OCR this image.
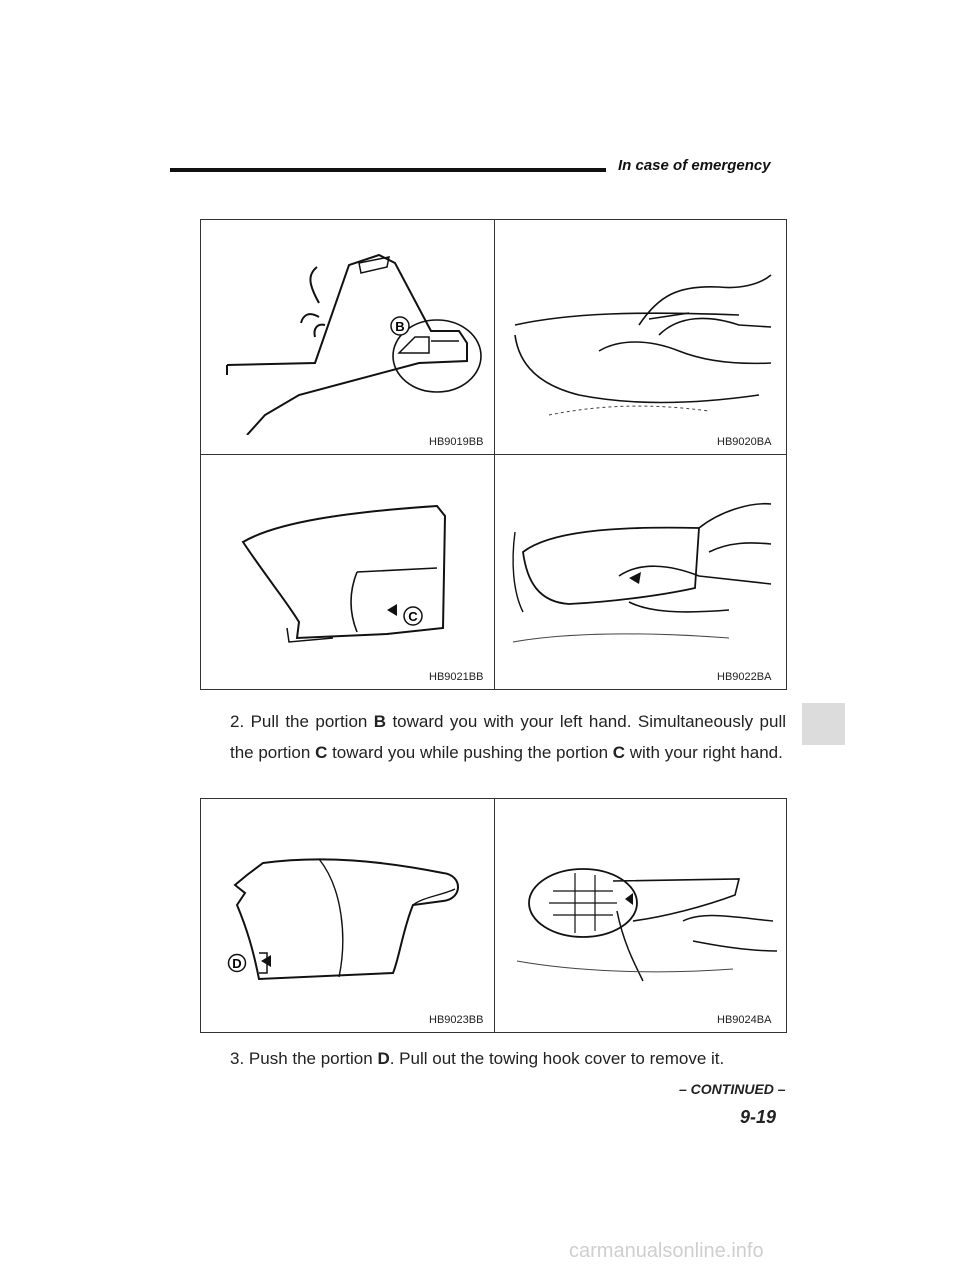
In case of emergency
B
HB9019BB	HB9020BA
C
HB9021BB	HB9022BA
2. Pull the portion B toward you with your left hand. Simultaneously pull the portion C toward you while pushing the portion C with your right hand.
D
HB9023BB	HB9024BA
3. Push the portion D. Pull out the towing hook cover to remove it.
– CONTINUED –
9-19
carmanualsonline.info
